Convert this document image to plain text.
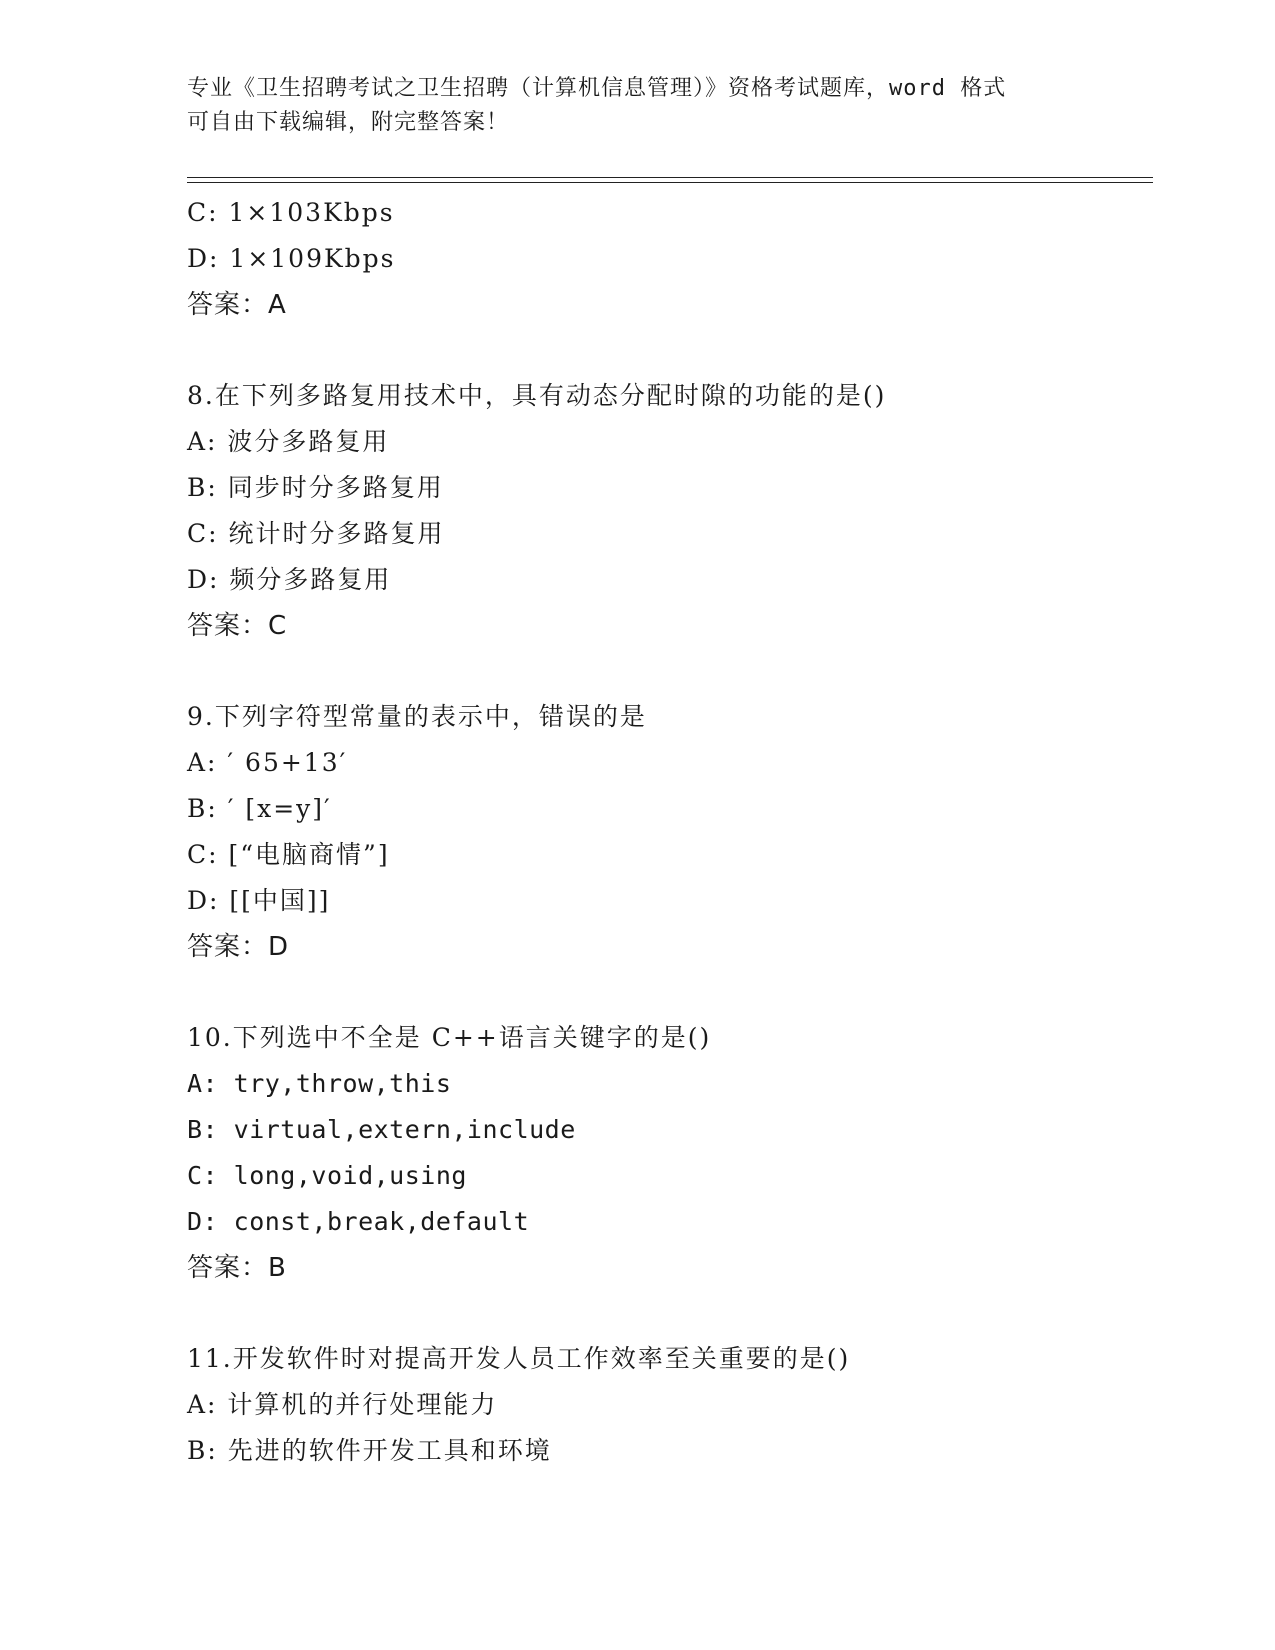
专业《卫生招聘考试之卫生招聘（计算机信息管理）》资格考试题库，word 格式
可自由下载编辑，附完整答案！
C: 1×103Kbps
D: 1×109Kbps
答案：A
8.在下列多路复用技术中，具有动态分配时隙的功能的是()
A: 波分多路复用
B: 同步时分多路复用
C: 统计时分多路复用
D: 频分多路复用
答案：C
9.下列字符型常量的表示中，错误的是
A: ′ 65+13′
B: ′ [x=y]′
C: [“电脑商情”]
D: [[中国]]
答案：D
10.下列选中不全是 C++语言关键字的是()
A: try,throw,this
B: virtual,extern,include
C: long,void,using
D: const,break,default
答案：B
11.开发软件时对提高开发人员工作效率至关重要的是()
A: 计算机的并行处理能力
B: 先进的软件开发工具和环境
